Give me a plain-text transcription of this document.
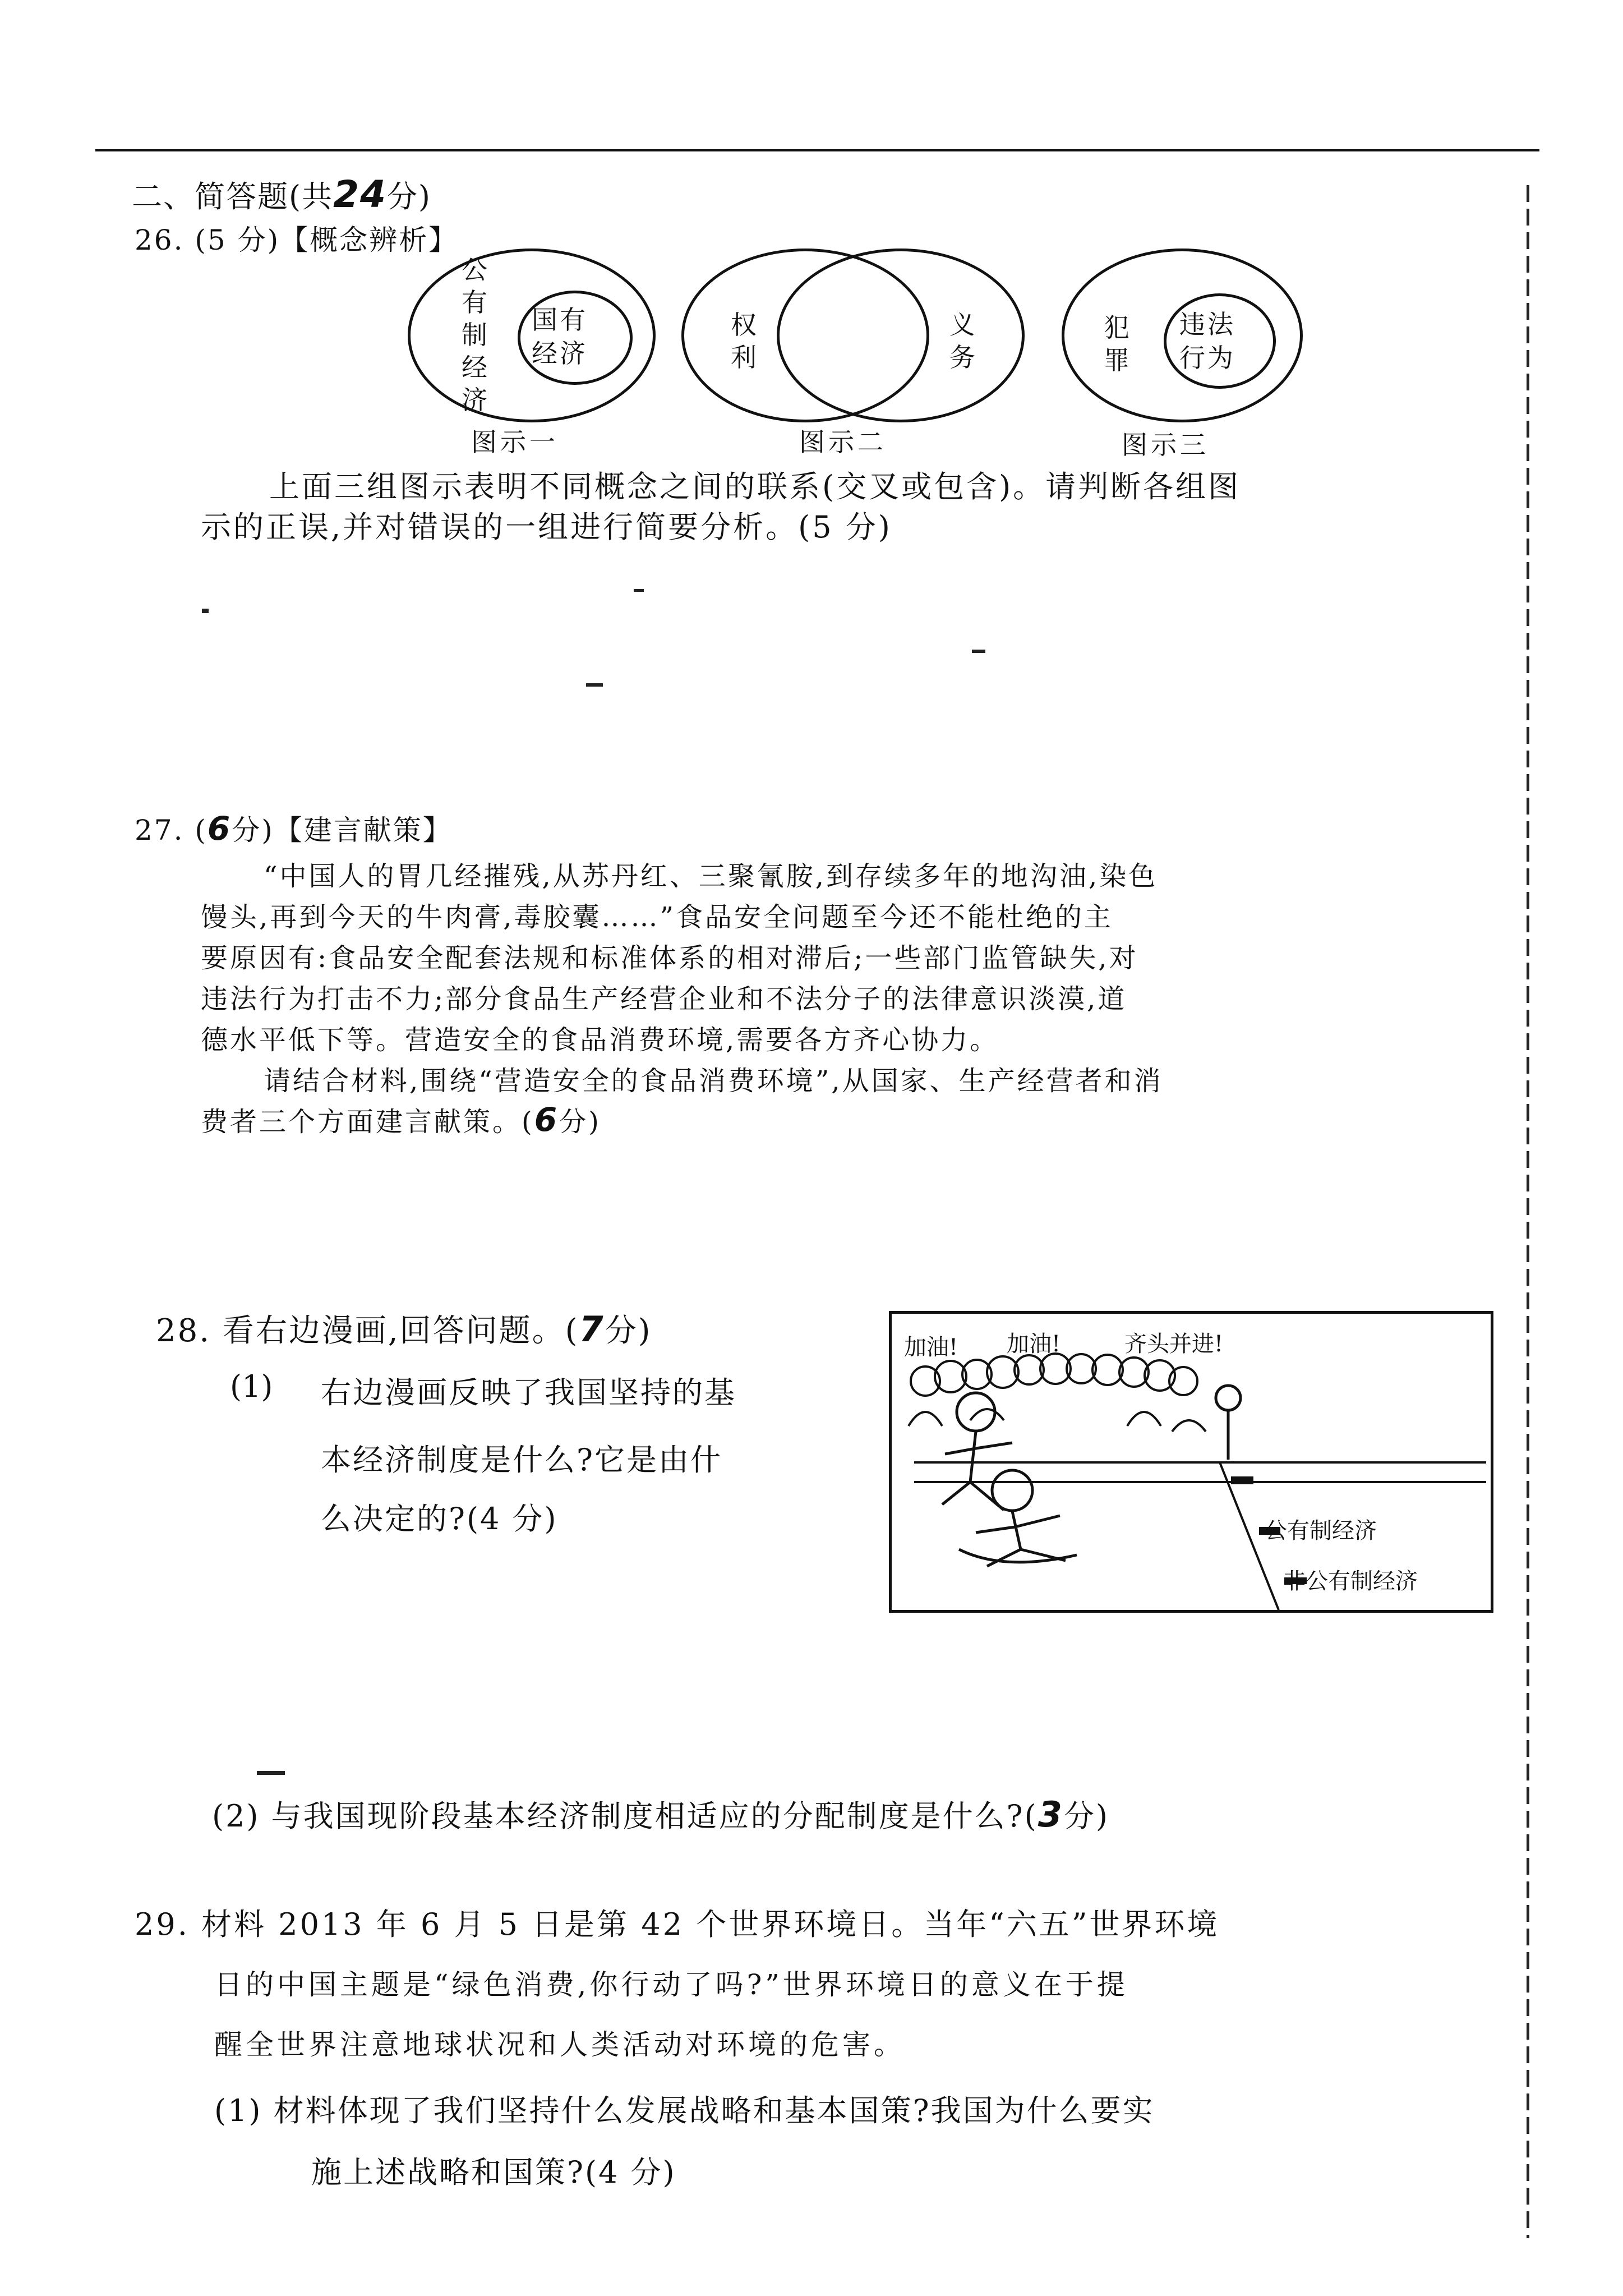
二、简答题(共24分)
26. (5 分)【概念辨析】
公 有 制 经 济
国有
经济
图示一
权 利
义 务
图示二
犯 罪
违法
行为
图示三
上面三组图示表明不同概念之间的联系(交叉或包含)。请判断各组图
示的正误,并对错误的一组进行简要分析。(5 分)
27. (6分)【建言献策】
“中国人的胃几经摧残,从苏丹红、三聚氰胺,到存续多年的地沟油,染色
馒头,再到今天的牛肉膏,毒胶囊……”食品安全问题至今还不能杜绝的主
要原因有:食品安全配套法规和标准体系的相对滞后;一些部门监管缺失,对
违法行为打击不力;部分食品生产经营企业和不法分子的法律意识淡漠,道
德水平低下等。营造安全的食品消费环境,需要各方齐心协力。
请结合材料,围绕“营造安全的食品消费环境”,从国家、生产经营者和消
费者三个方面建言献策。(6分)
28. 看右边漫画,回答问题。(7分)
(1) 右边漫画反映了我国坚持的基
本经济制度是什么?它是由什
么决定的?(4 分)
加油! 加油!	齐头并进!
公有制经济
非公有制经济
(2) 与我国现阶段基本经济制度相适应的分配制度是什么?(3分)
29. 材料 2013 年 6 月 5 日是第 42 个世界环境日。当年“六五”世界环境
日的中国主题是“绿色消费,你行动了吗?”世界环境日的意义在于提
醒全世界注意地球状况和人类活动对环境的危害。
(1) 材料体现了我们坚持什么发展战略和基本国策?我国为什么要实
施上述战略和国策?(4 分)
